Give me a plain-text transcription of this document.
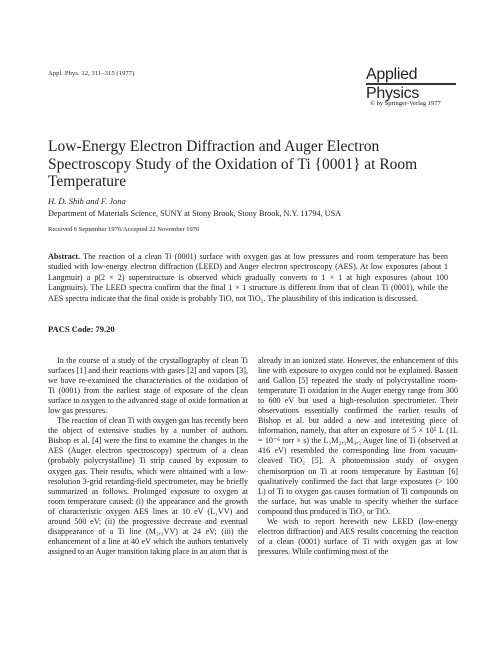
Appl. Phys. 12, 311–315 (1977)	Applied
Physics
© by Springer-Verlag 1977
Low-Energy Electron Diffraction and Auger Electron Spectroscopy Study of the Oxidation of Ti {0001} at Room Temperature
H. D. Shih and F. Jona
Department of Materials Science, SUNY at Stony Brook, Stony Brook, N.Y. 11794, USA
Received 6 September 1976/Accepted 22 November 1976
Abstract. The reaction of a clean Ti (0001) surface with oxygen gas at low pressures and room temperature has been studied with low-energy electron diffraction (LEED) and Auger electron spectroscopy (AES). At low exposures (about 1 Langmuir) a p(2 × 2) superstructure is observed which gradually converts to 1 × 1 at high exposures (about 100 Langmuirs). The LEED spectra confirm that the final 1 × 1 structure is different from that of clean Ti (0001), while the AES spectra indicate that the final oxide is probably TiO, not TiO₂. The plausibility of this indication is discussed.
PACS Code: 79.20

In the course of a study of the crystallography of clean Ti surfaces [1] and their reactions with gases [2] and vapors [3], we have re-examined the characteristics of the oxidation of Ti (0001) from the earliest stage of exposure of the clean surface to oxygen to the advanced stage of oxide formation at low gas pressures.

The reaction of clean Ti with oxygen gas has recently been the object of extensive studies by a number of authors. Bishop et al. [4] were the first to examine the changes in the AES (Auger electron spectroscopy) spectrum of a clean (probably polycrystalline) Ti strip caused by exposure to oxygen gas. Their results, which were obtained with a low-resolution 3-grid retarding-field spectrometer, may be briefly summarized as follows. Prolonged exposure to oxygen at room temperature caused: (i) the appearance and the growth of characteristic oxygen AES lines at 10 eV (L₁VV) and around 500 eV; (ii) the progressive decrease and eventual disappearance of a Ti line (M₂,₃VV) at 24 eV; (iii) the enhancement of a line at 40 eV which the authors tentatively assigned to an Auger transition taking place in an atom that is

already in an ionized state. However, the enhancement of this line with exposure to oxygen could not be explained. Bassett and Gallon [5] repeated the study of polycrystalline room-temperature Ti oxidation in the Auger energy range from 300 to 600 eV but used a high-resolution spectrometer. Their observations essentially confirmed the earlier results of Bishop et al. but added a new and interesting piece of information, namely, that after an exposure of 5 × 10⁵ L (1L = 10⁻⁶ torr × s) the L₃M₂,₃M₄,₅ Auger line of Ti (observed at 416 eV) resembled the corresponding line from vacuum-cleaved TiO₂ [5]. A photoemission study of oxygen chemisorption on Ti at room temperature by Eastman [6] qualitatively confirmed the fact that large exposures (> 100 L) of Ti to oxygen gas causes formation of Ti compounds on the surface, but was unable to specify whether the surface compound thus produced is TiO₂ or TiO.

We wish to report herewith new LEED (low-energy electron diffraction) and AES results concerning the reaction of a clean (0001) surface of Ti with oxygen gas at low pressures. While confirming most of the
